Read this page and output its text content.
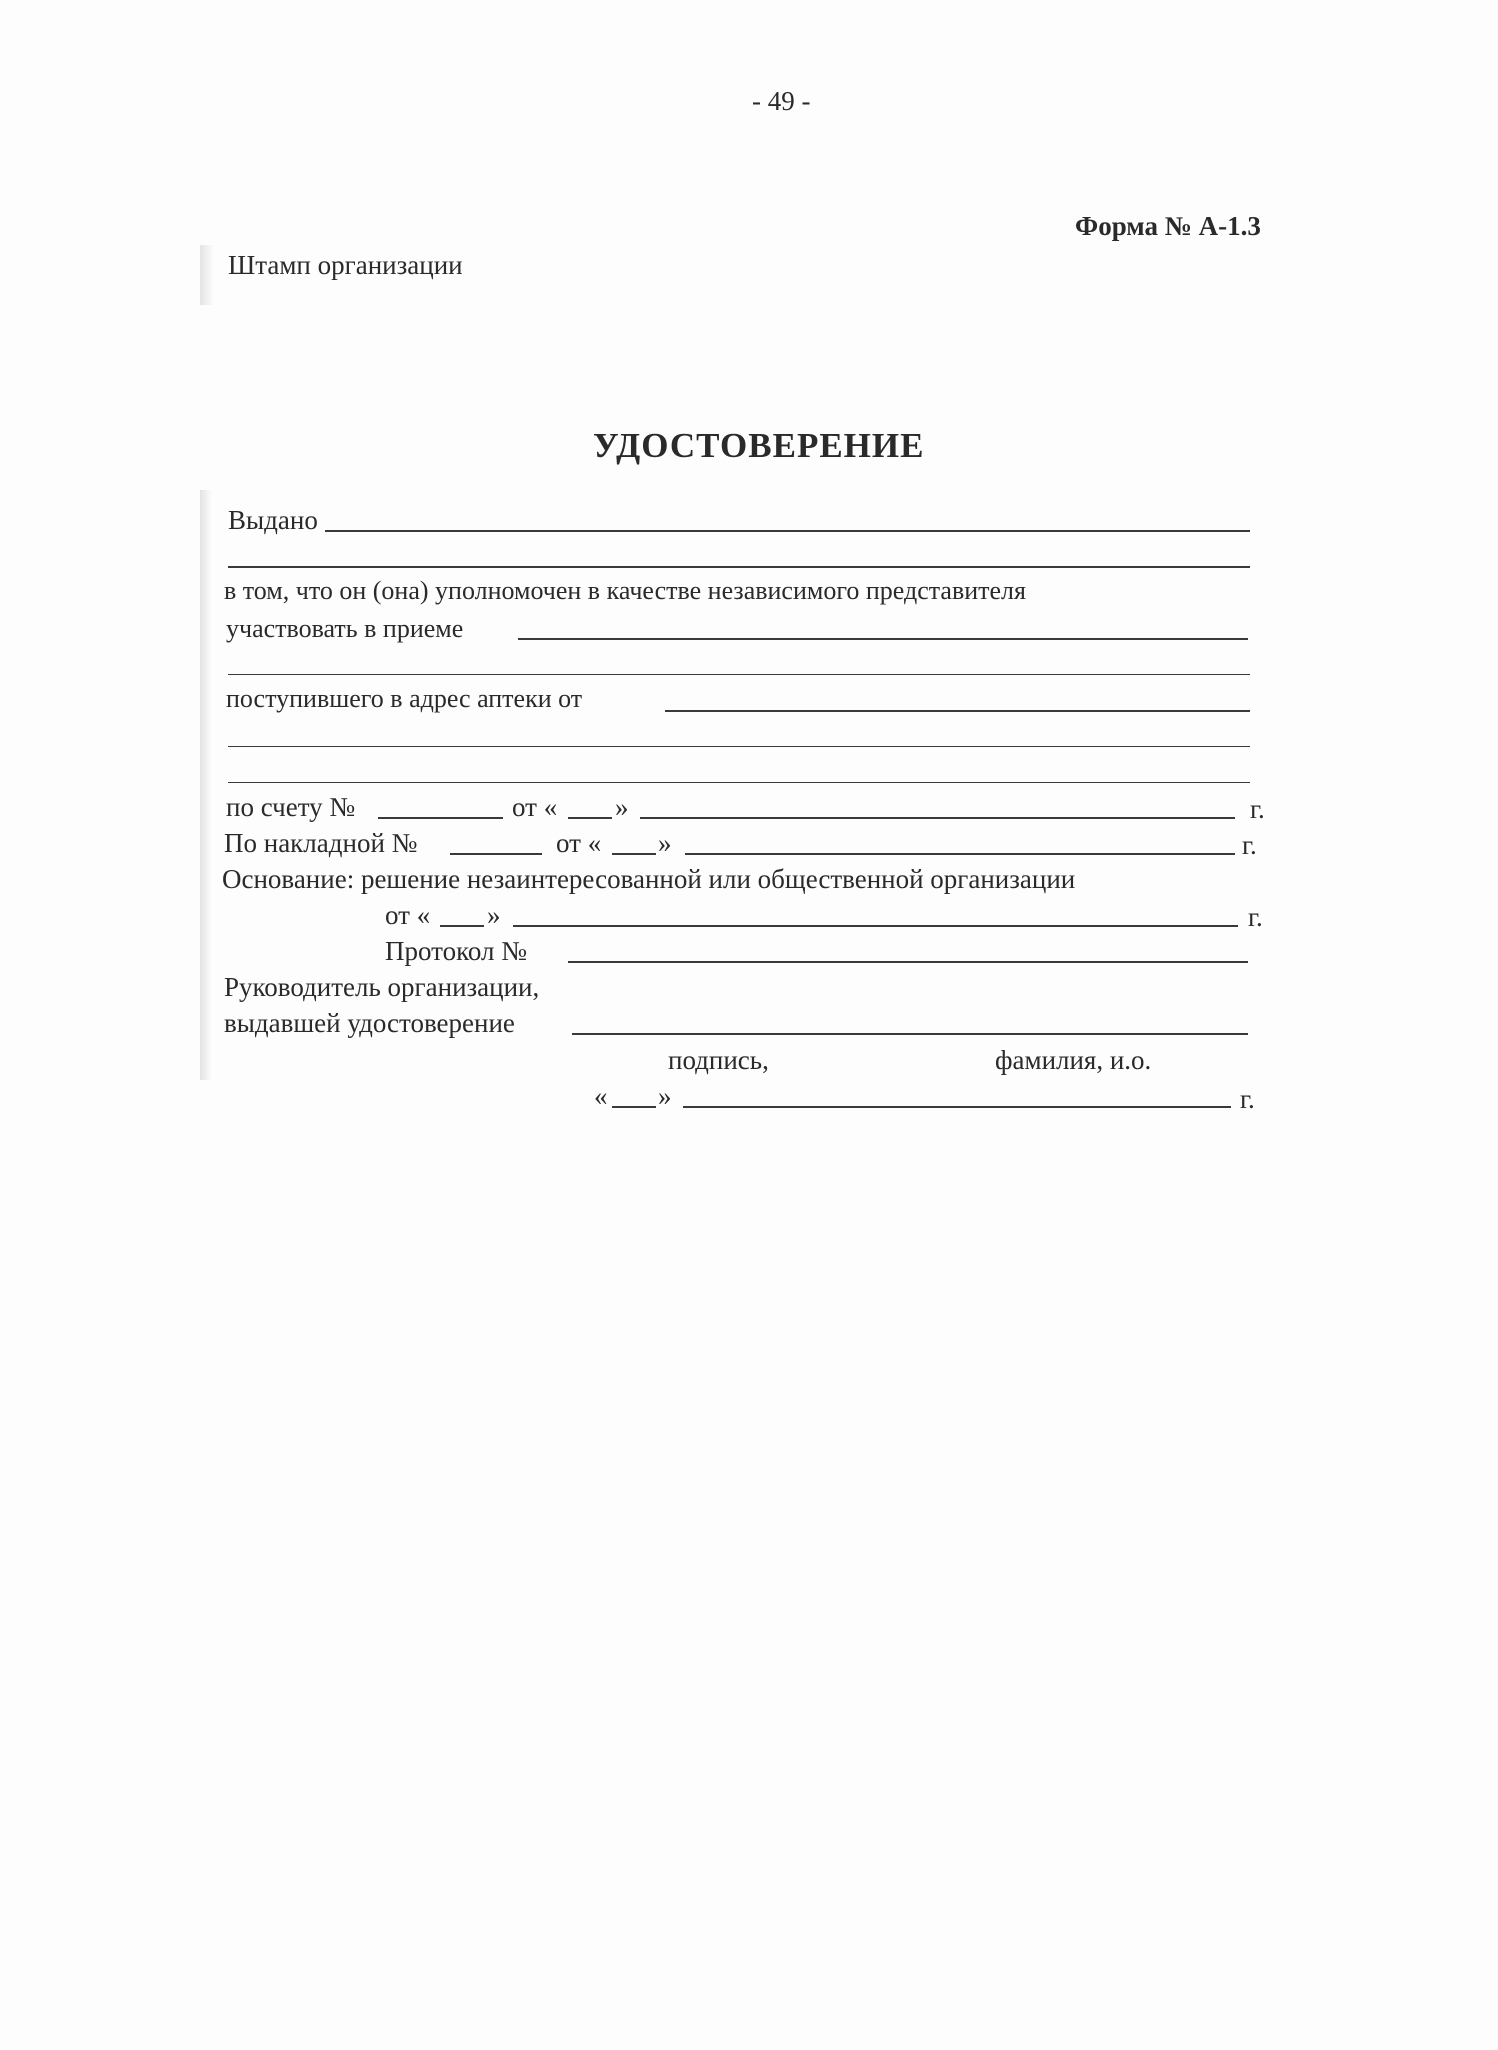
- 49 -
Форма № А-1.3
Штамп организации
УДОСТОВЕРЕНИЕ
Выдано
в том, что он (она) уполномочен в качестве независимого представителя
участвовать в приеме
поступившего в адрес аптеки от
по счету №	от « »	г.
По накладной №	от « »	г.
Основание: решение незаинтересованной или общественной организации
от « »	г.
Протокол №
Руководитель организации,
выдавшей удостоверение
подпись,	фамилия, и.о.
« »	г.
